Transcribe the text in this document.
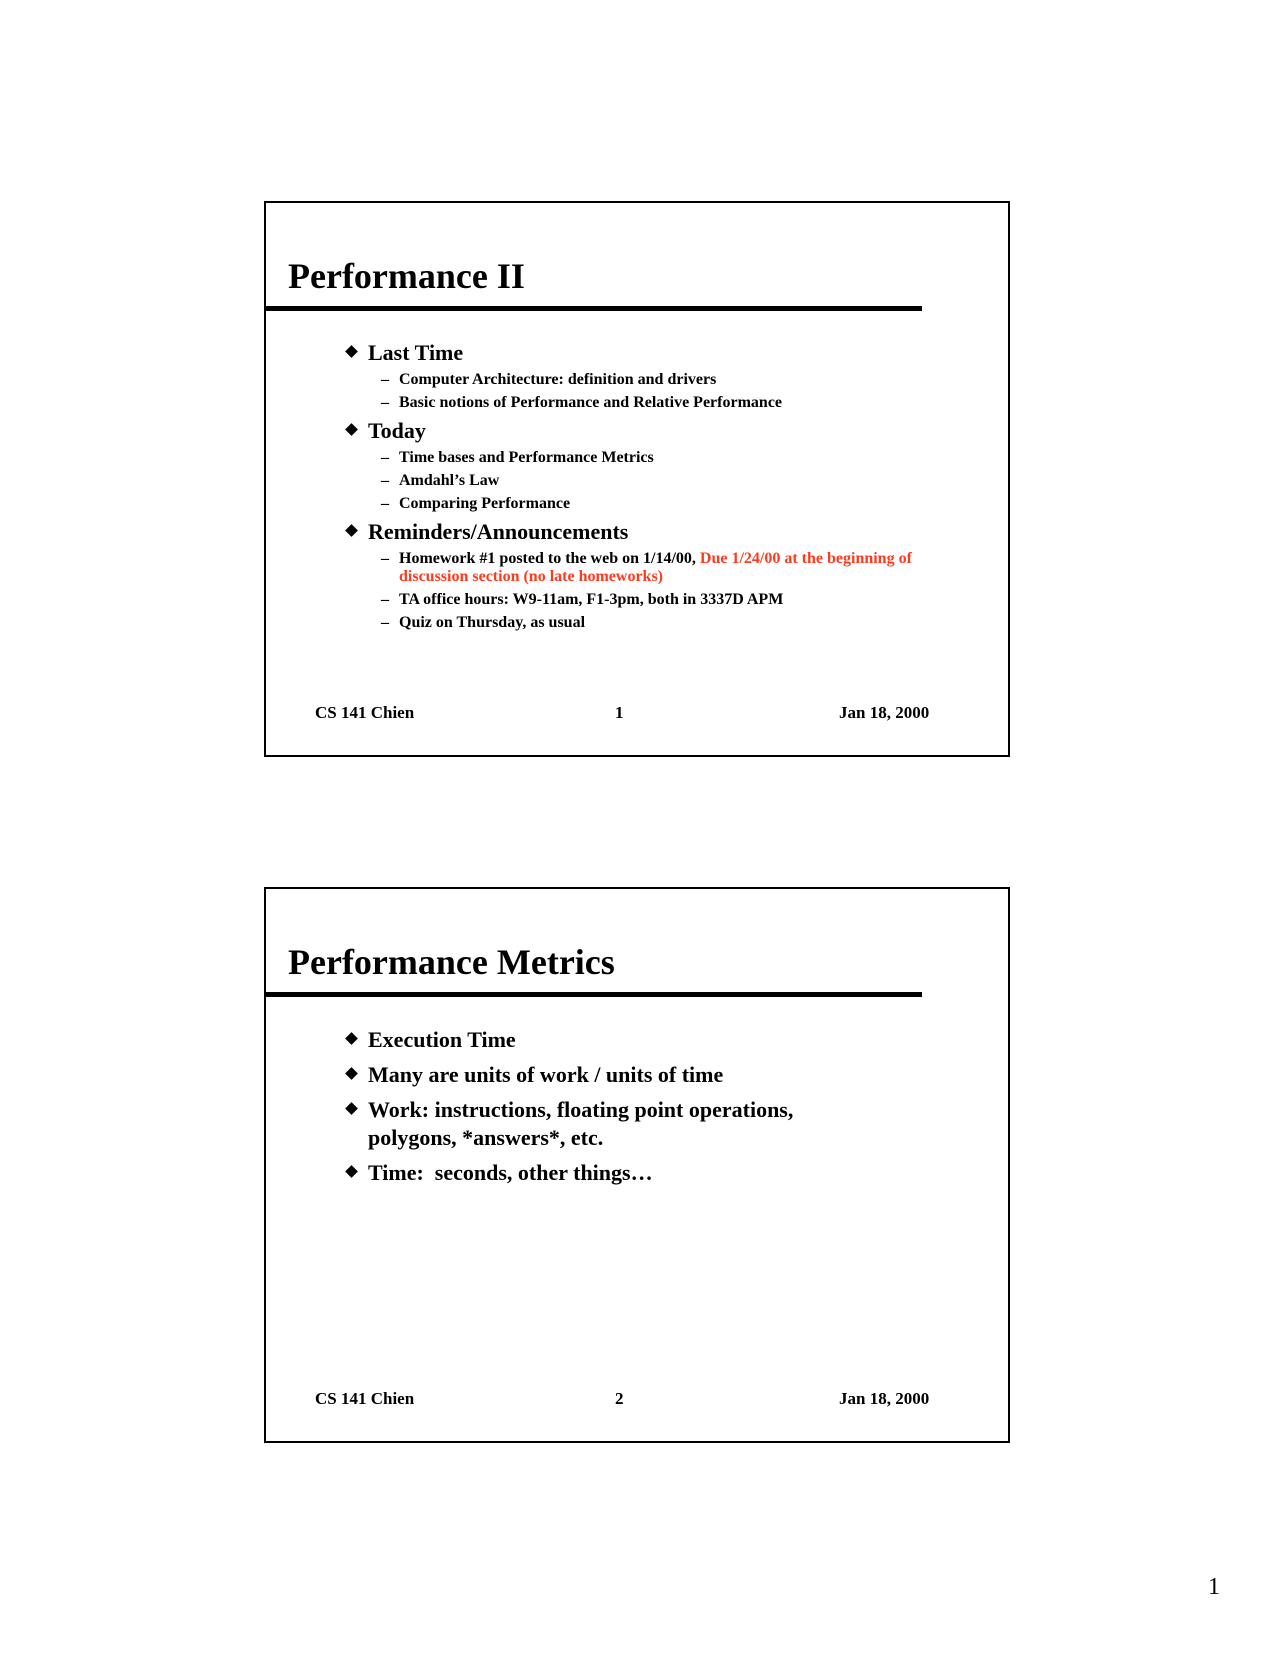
Performance II
Last Time
– Computer Architecture: definition and drivers
– Basic notions of Performance and Relative Performance
Today
– Time bases and Performance Metrics
– Amdahl’s Law
– Comparing Performance
Reminders/Announcements
– Homework #1 posted to the web on 1/14/00, Due 1/24/00 at the beginning of discussion section (no late homeworks)
– TA office hours: W9-11am, F1-3pm, both in 3337D APM
– Quiz on Thursday, as usual
CS 141 Chien	1	Jan 18, 2000
Performance Metrics
Execution Time
Many are units of work / units of time
Work: instructions, floating point operations, polygons, *answers*, etc.
Time:  seconds, other things…
CS 141 Chien	2	Jan 18, 2000
1
